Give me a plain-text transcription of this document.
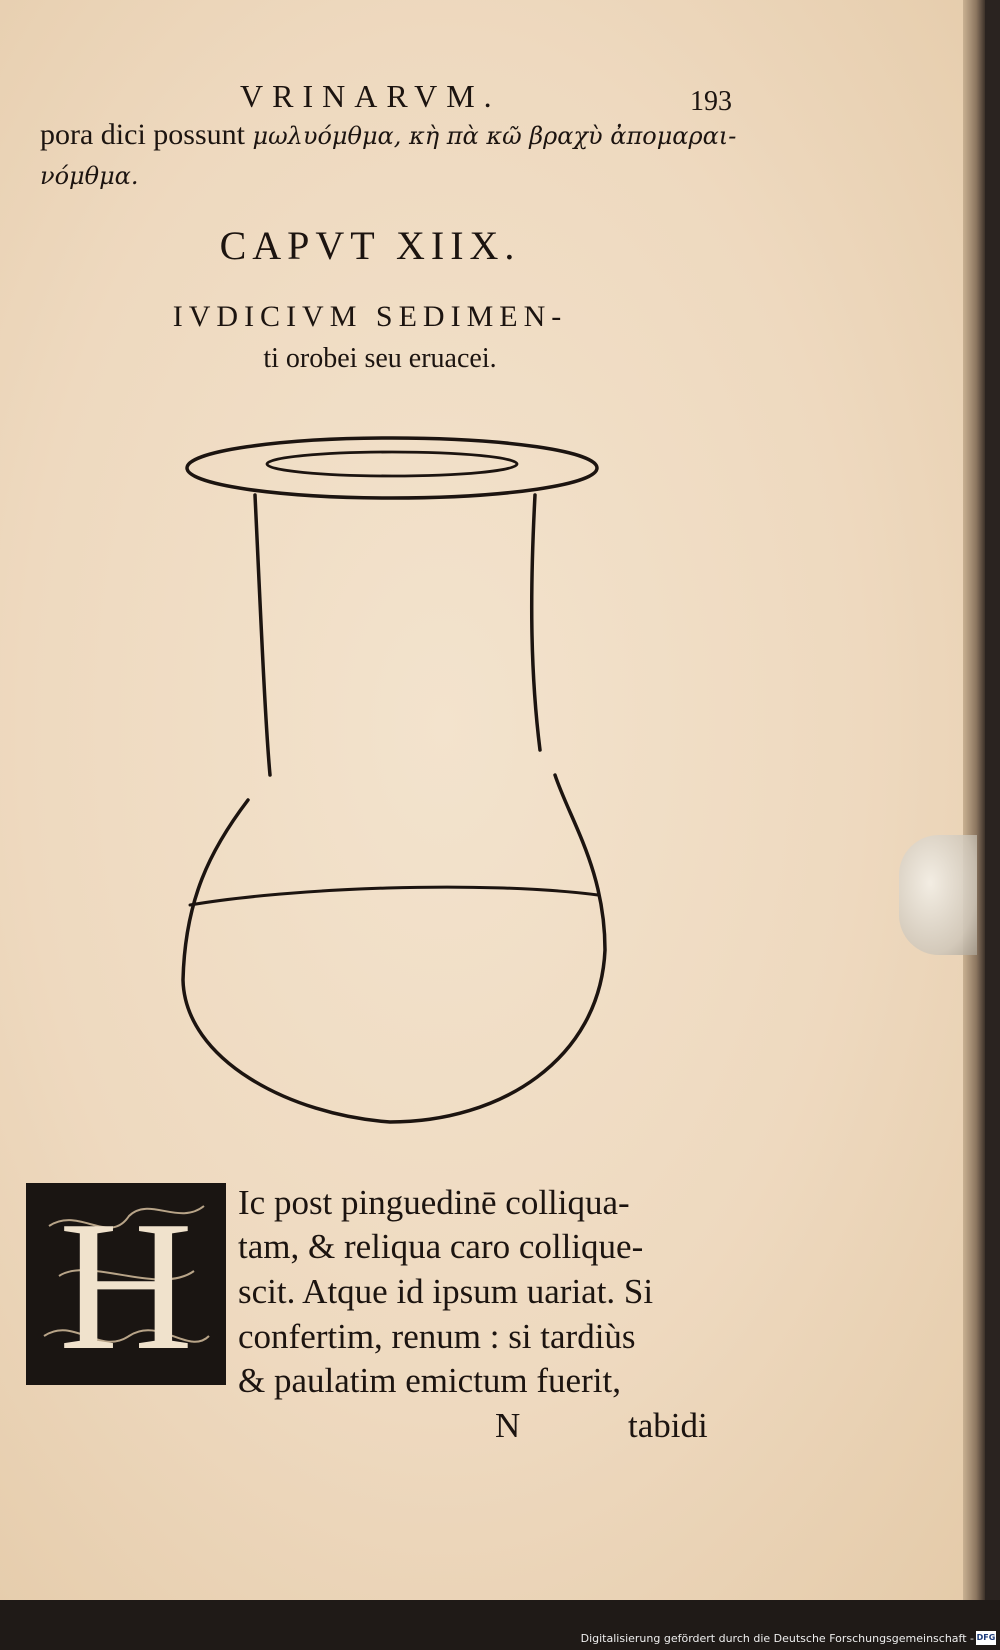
VRINARVM.	193
pora dici possunt μωλυόμθμα, κὴ πὰ κῶ βραχὺ ἀπομαραι-
νόμθμα.
CAPVT XIIX.
IVDICIVM SEDIMEN-
ti orobei seu eruacei.
H	Ic post pinguedinē colliqua-
tam, & reliqua caro collique-
scit. Atque id ipsum uariat. Si
confertim, renum : si tardiùs
& paulatim emictum fuerit,
N	tabidi
Digitalisierung gefördert durch die Deutsche Forschungsgemeinschaft - DFG
